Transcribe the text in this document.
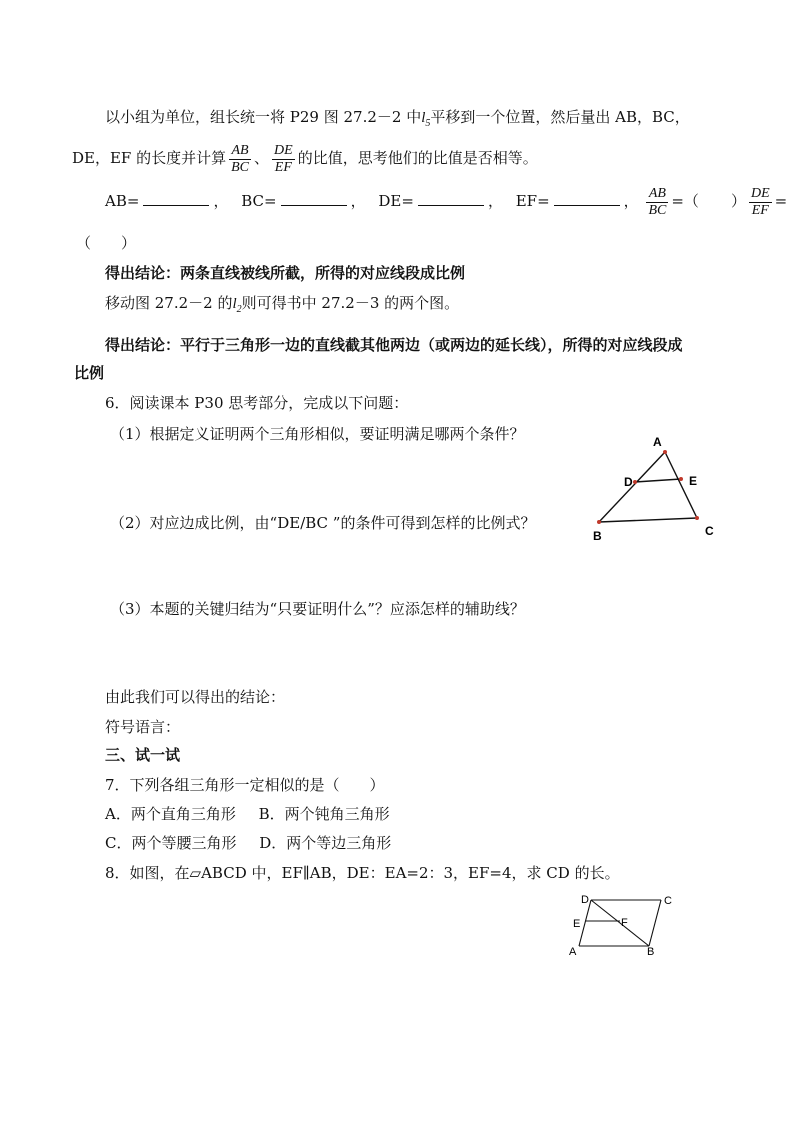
以小组为单位，组长统一将 P29 图 27.2－2 中$l_5$平移到一个位置，然后量出 AB，BC，
DE，EF 的长度并计算 $\frac{AB}{BC}$ 、 $\frac{DE}{EF}$ 的比值，思考他们的比值是否相等。
AB=	， BC=	， DE=	， EF=	， $\frac{AB}{BC}$ =（ ） $\frac{DE}{EF}$ =
（　　）
得出结论：两条直线被线所截，所得的对应线段成比例
移动图 27.2－2 的$l_2$则可得书中 27.2－3 的两个图。
得出结论：平行于三角形一边的直线截其他两边（或两边的延长线），所得的对应线段成
比例
6．阅读课本 P30 思考部分，完成以下问题：
（1）根据定义证明两个三角形相似，要证明满足哪两个条件？
（2）对应边成比例，由“DE/BC ”的条件可得到怎样的比例式？
（3）本题的关键归结为“只要证明什么”？应添怎样的辅助线？
A
D	E
B	C
由此我们可以得出的结论：
符号语言：
三、试一试
7．下列各组三角形一定相似的是（　　）
A．两个直角三角形 B．两个钝角三角形
C．两个等腰三角形 D．两个等边三角形
8．如图，在▱ABCD 中，EF∥AB，DE：EA=2：3，EF=4，求 CD 的长。
D	C
E	F
A	B
